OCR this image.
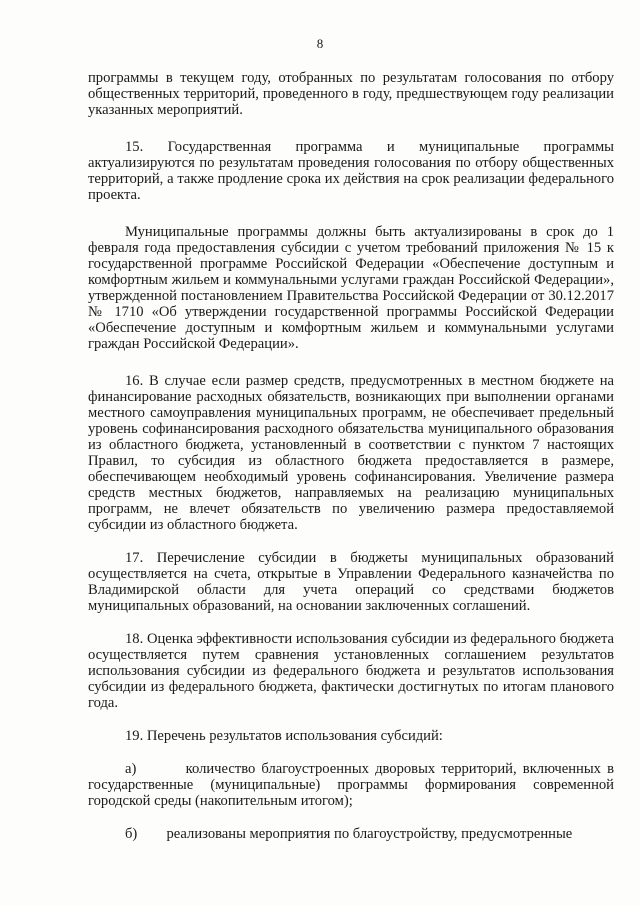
8

программы в текущем году, отобранных по результатам голосования по отбору общественных территорий, проведенного в году, предшествующем году реализации указанных мероприятий.

15. Государственная программа и муниципальные программы актуализируются по результатам проведения голосования по отбору общественных территорий, а также продление срока их действия на срок реализации федерального проекта.

Муниципальные программы должны быть актуализированы в срок до 1 февраля года предоставления субсидии с учетом требований приложения № 15 к государственной программе Российской Федерации «Обеспечение доступным и комфортным жильем и коммунальными услугами граждан Российской Федерации», утвержденной постановлением Правительства Российской Федерации от 30.12.2017 № 1710 «Об утверждении государственной программы Российской Федерации «Обеспечение доступным и комфортным жильем и коммунальными услугами граждан Российской Федерации».

16. В случае если размер средств, предусмотренных в местном бюджете на финансирование расходных обязательств, возникающих при выполнении органами местного самоуправления муниципальных программ, не обеспечивает предельный уровень софинансирования расходного обязательства муниципального образования из областного бюджета, установленный в соответствии с пунктом 7 настоящих Правил, то субсидия из областного бюджета предоставляется в размере, обеспечивающем необходимый уровень софинансирования. Увеличение размера средств местных бюджетов, направляемых на реализацию муниципальных программ, не влечет обязательств по увеличению размера предоставляемой субсидии из областного бюджета.

17. Перечисление субсидии в бюджеты муниципальных образований осуществляется на счета, открытые в Управлении Федерального казначейства по Владимирской области для учета операций со средствами бюджетов муниципальных образований, на основании заключенных соглашений.

18. Оценка эффективности использования субсидии из федерального бюджета осуществляется путем сравнения установленных соглашением результатов использования субсидии из федерального бюджета и результатов использования субсидии из федерального бюджета, фактически достигнутых по итогам планового года.

19. Перечень результатов использования субсидий:

а)	количество благоустроенных дворовых территорий, включенных в государственные (муниципальные) программы формирования современной городской среды (накопительным итогом);

б) реализованы мероприятия по благоустройству, предусмотренные
